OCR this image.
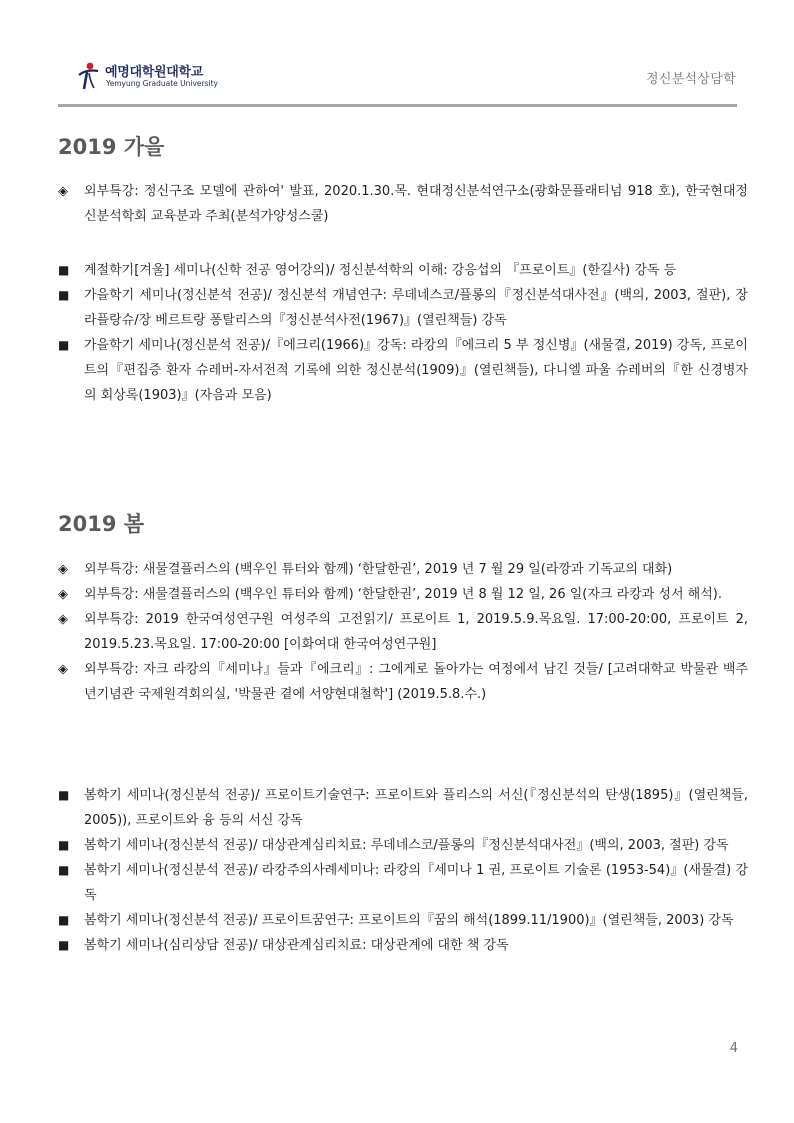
예명대학원대학교
Yemyung Graduate University	정신분석상담학
2019 가을
◈	외부특강: 정신구조 모델에 관하여' 발표, 2020.1.30.목. 현대정신분석연구소(광화문플래티넘 918 호), 한국현대정신분석학회 교육분과 주최(분석가양성스쿨)
■	계절학기[겨울] 세미나(신학 전공 영어강의)/ 정신분석학의 이해: 강응섭의 『프로이트』(한길사) 강독 등
■	가을학기 세미나(정신분석 전공)/ 정신분석 개념연구: 루데네스코/플롱의『정신분석대사전』(백의, 2003, 절판), 장 라플랑슈/장 베르트랑 퐁탈리스의『정신분석사전(1967)』(열린책들) 강독
■	가을학기 세미나(정신분석 전공)/『에크리(1966)』강독: 라캉의『에크리 5 부 정신병』(새물결, 2019) 강독, 프로이트의『편집증 환자 슈레버-자서전적 기록에 의한 정신분석(1909)』(열린책들), 다니엘 파울 슈레버의『한 신경병자의 회상록(1903)』(자음과 모음)
2019 봄
◈	외부특강: 새물결플러스의 (백우인 튜터와 함께) ‘한달한권’, 2019 년 7 월 29 일(라깡과 기독교의 대화)
◈	외부특강: 새물결플러스의 (백우인 튜터와 함께) ‘한달한권’, 2019 년 8 월 12 일, 26 일(자크 라캉과 성서 해석).
◈	외부특강: 2019 한국여성연구원 여성주의 고전읽기/ 프로이트 1, 2019.5.9.목요일. 17:00-20:00, 프로이트 2, 2019.5.23.목요일. 17:00-20:00 [이화여대 한국여성연구원]
◈	외부특강: 자크 라캉의『세미나』들과『에크리』: 그에게로 돌아가는 여정에서 남긴 것들/ [고려대학교 박물관 백주년기념관 국제원격회의실, '박물관 곁에 서양현대철학'] (2019.5.8.수.)
■	봄학기 세미나(정신분석 전공)/ 프로이트기술연구: 프로이트와 플리스의 서신(『정신분석의 탄생(1895)』(열린책들, 2005)), 프로이트와 융 등의 서신 강독
■	봄학기 세미나(정신분석 전공)/ 대상관계심리치료: 루데네스코/플롱의『정신분석대사전』(백의, 2003, 절판) 강독
■	봄학기 세미나(정신분석 전공)/ 라캉주의사례세미나: 라캉의『세미나 1 권, 프로이트 기술론 (1953-54)』(새물결) 강독
■	봄학기 세미나(정신분석 전공)/ 프로이트꿈연구: 프로이트의『꿈의 해석(1899.11/1900)』(열린책들, 2003) 강독
■	봄학기 세미나(심리상담 전공)/ 대상관계심리치료: 대상관계에 대한 책 강독
4
